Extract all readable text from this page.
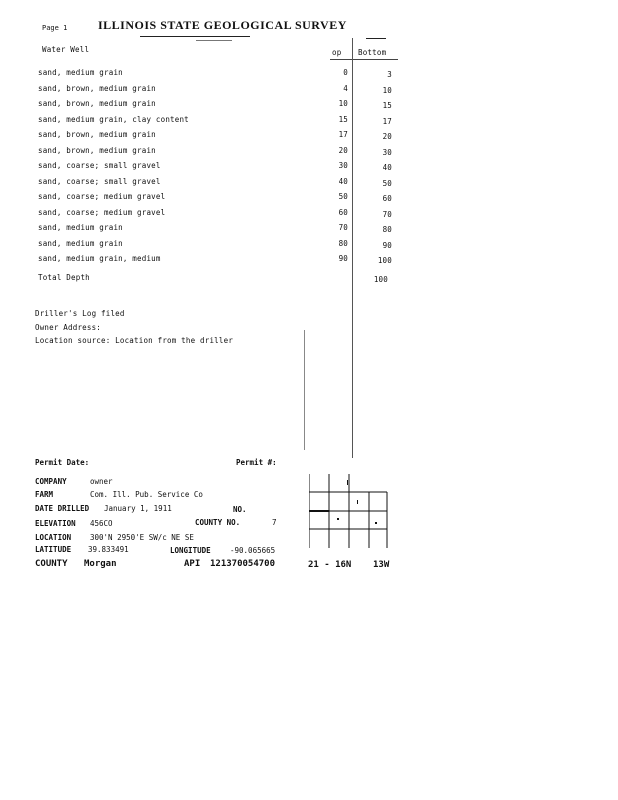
Page 1	ILLINOIS STATE GEOLOGICAL SURVEY
Water Well	op Bottom
sand, medium grain	0	3
sand, brown, medium grain	4	10
sand, brown, medium grain	10	15
sand, medium grain, clay content	15	17
sand, brown, medium grain	17	20
sand, brown, medium grain	20	30
sand, coarse; small gravel	30	40
sand, coarse; small gravel	40	50
sand, coarse; medium gravel	50	60
sand, coarse; medium gravel	60	70
sand, medium grain	70	80
sand, medium grain	80	90
sand, medium grain, medium	90	100
Total Depth	100
Driller's Log filed
Owner Address:
Location source: Location from the driller
Permit Date:	Permit #:
COMPANY	owner
FARM	Com. Ill. Pub. Service Co
DATE DRILLED January 1, 1911	NO.
ELEVATION 456CO	COUNTY NO.	7
LOCATION	300'N 2950'E SW/c NE SE
LATITUDE 39.833491	LONGITUDE	-90.065665
COUNTY Morgan	API 121370054700	21 - 16N 13W
